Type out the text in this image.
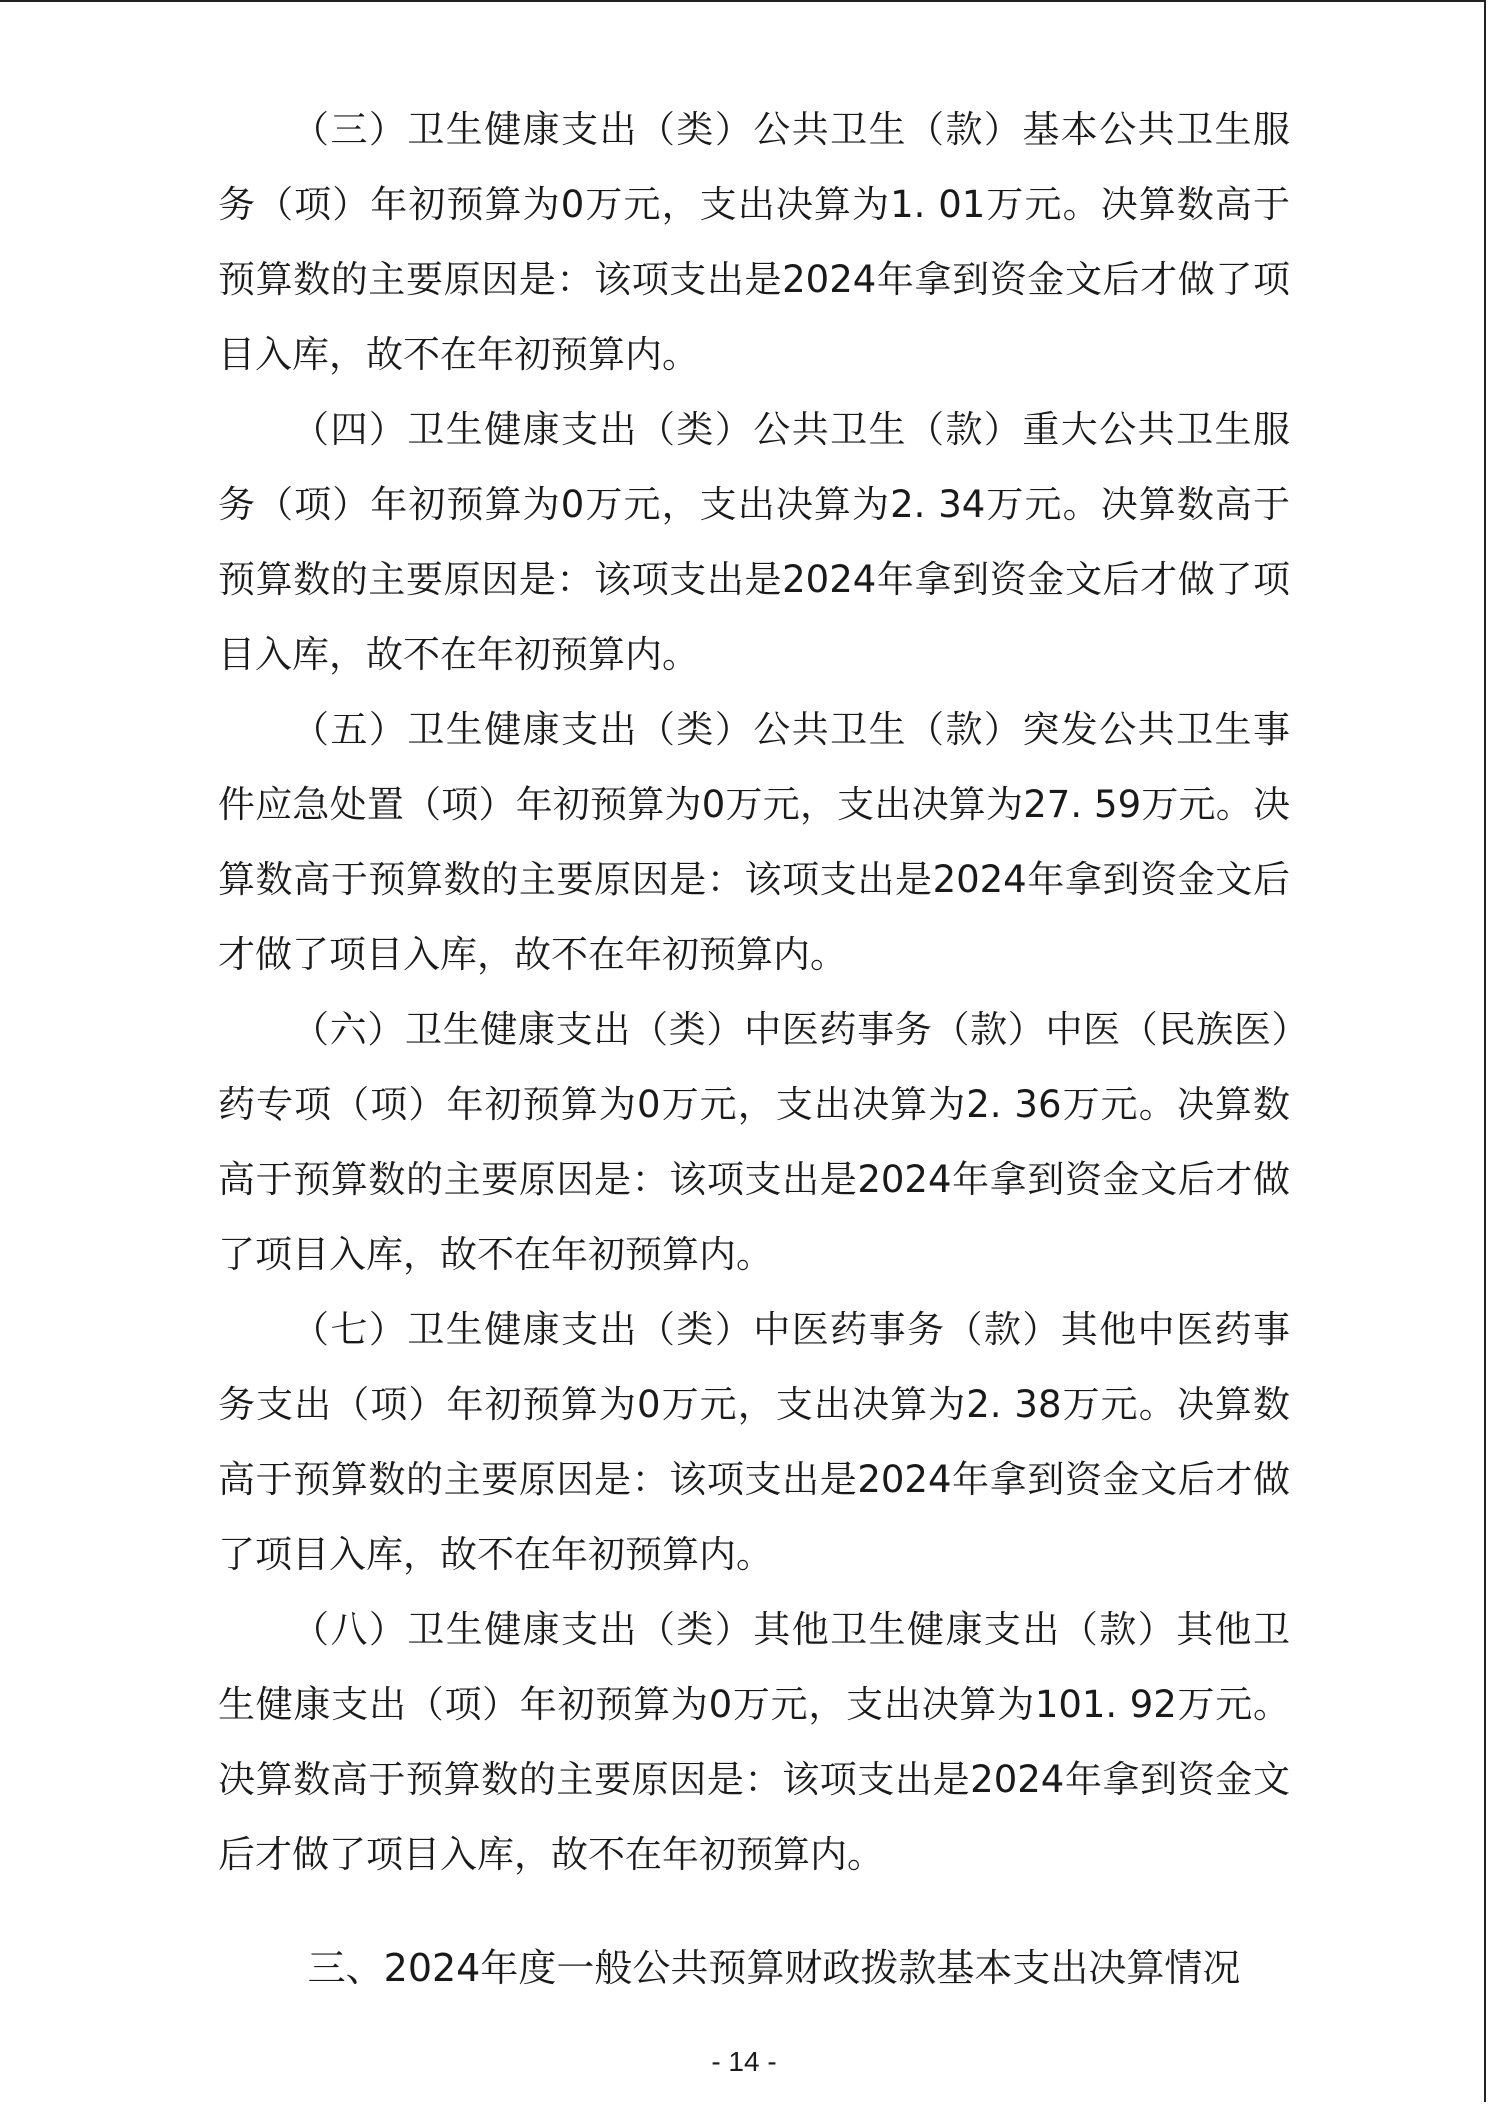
（三）卫生健康支出（类）公共卫生（款）基本公共卫生服务（项）年初预算为0万元，支出决算为1. 01万元。决算数高于预算数的主要原因是：该项支出是2024年拿到资金文后才做了项目入库，故不在年初预算内。

（四）卫生健康支出（类）公共卫生（款）重大公共卫生服务（项）年初预算为0万元，支出决算为2. 34万元。决算数高于预算数的主要原因是：该项支出是2024年拿到资金文后才做了项目入库，故不在年初预算内。

（五）卫生健康支出（类）公共卫生（款）突发公共卫生事件应急处置（项）年初预算为0万元，支出决算为27. 59万元。决算数高于预算数的主要原因是：该项支出是2024年拿到资金文后才做了项目入库，故不在年初预算内。

（六）卫生健康支出（类）中医药事务（款）中医（民族医）药专项（项）年初预算为0万元，支出决算为2. 36万元。决算数高于预算数的主要原因是：该项支出是2024年拿到资金文后才做了项目入库，故不在年初预算内。

（七）卫生健康支出（类）中医药事务（款）其他中医药事务支出（项）年初预算为0万元，支出决算为2. 38万元。决算数高于预算数的主要原因是：该项支出是2024年拿到资金文后才做了项目入库，故不在年初预算内。

（八）卫生健康支出（类）其他卫生健康支出（款）其他卫生健康支出（项）年初预算为0万元，支出决算为101. 92万元。决算数高于预算数的主要原因是：该项支出是2024年拿到资金文后才做了项目入库，故不在年初预算内。

三、2024年度一般公共预算财政拨款基本支出决算情况
- 14 -
